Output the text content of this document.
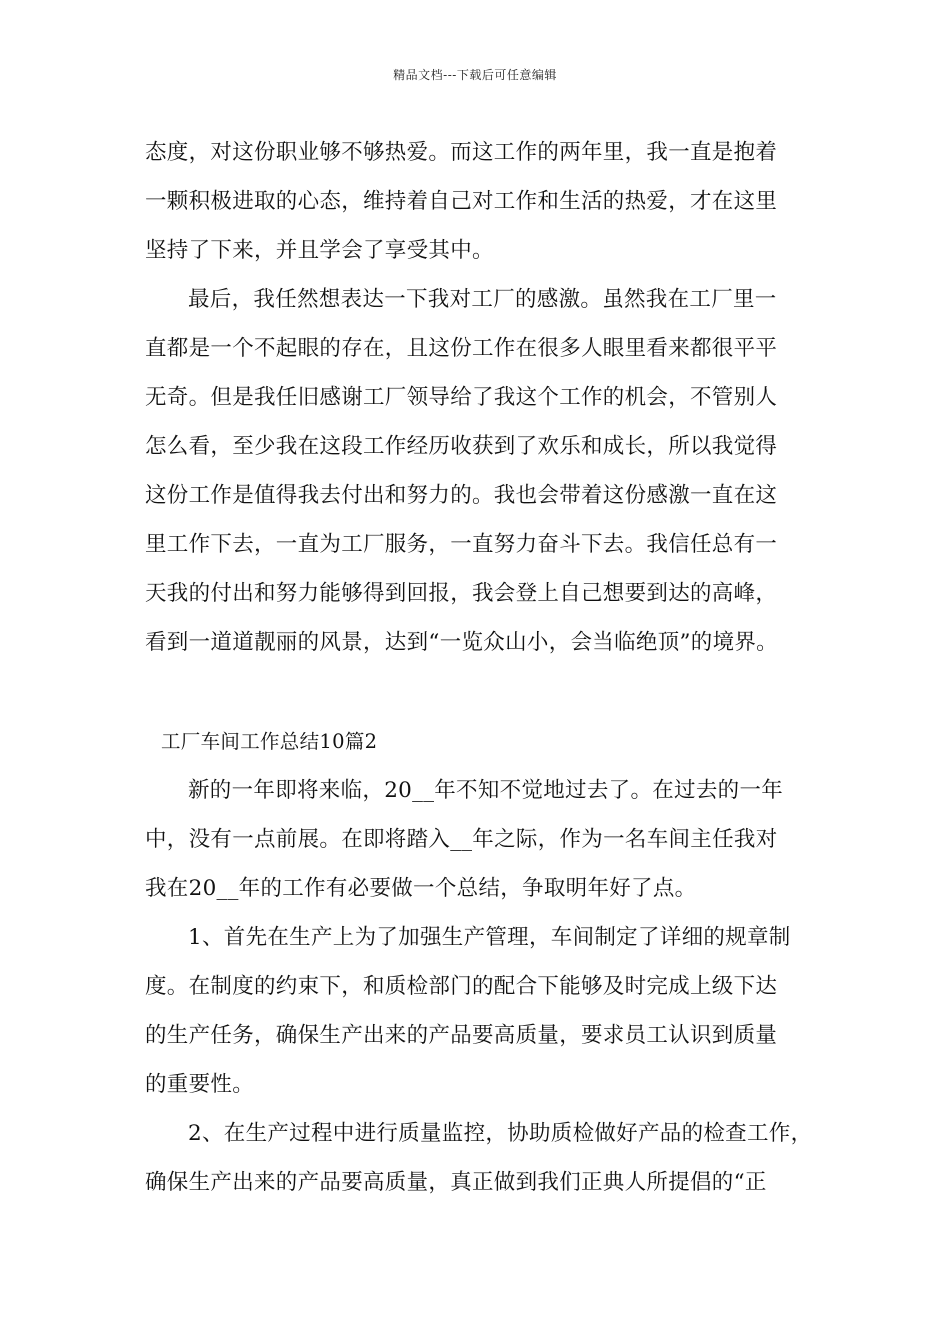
精品文档---下载后可任意编辑
态度，对这份职业够不够热爱。而这工作的两年里，我一直是抱着
一颗积极进取的心态，维持着自己对工作和生活的热爱，才在这里
坚持了下来，并且学会了享受其中。
最后，我任然想表达一下我对工厂的感激。虽然我在工厂里一
直都是一个不起眼的存在，且这份工作在很多人眼里看来都很平平
无奇。但是我任旧感谢工厂领导给了我这个工作的机会，不管别人
怎么看，至少我在这段工作经历收获到了欢乐和成长，所以我觉得
这份工作是值得我去付出和努力的。我也会带着这份感激一直在这
里工作下去，一直为工厂服务，一直努力奋斗下去。我信任总有一
天我的付出和努力能够得到回报，我会登上自己想要到达的高峰，
看到一道道靓丽的风景，达到“一览众山小，会当临绝顶”的境界。
工厂车间工作总结10篇2
新的一年即将来临，20__年不知不觉地过去了。在过去的一年
中，没有一点前展。在即将踏入__年之际，作为一名车间主任我对
我在20__年的工作有必要做一个总结，争取明年好了点。
1、首先在生产上为了加强生产管理，车间制定了详细的规章制
度。在制度的约束下，和质检部门的配合下能够及时完成上级下达
的生产任务，确保生产出来的产品要高质量，要求员工认识到质量
的重要性。
2、在生产过程中进行质量监控，协助质检做好产品的检查工作，
确保生产出来的产品要高质量，真正做到我们正典人所提倡的“正
